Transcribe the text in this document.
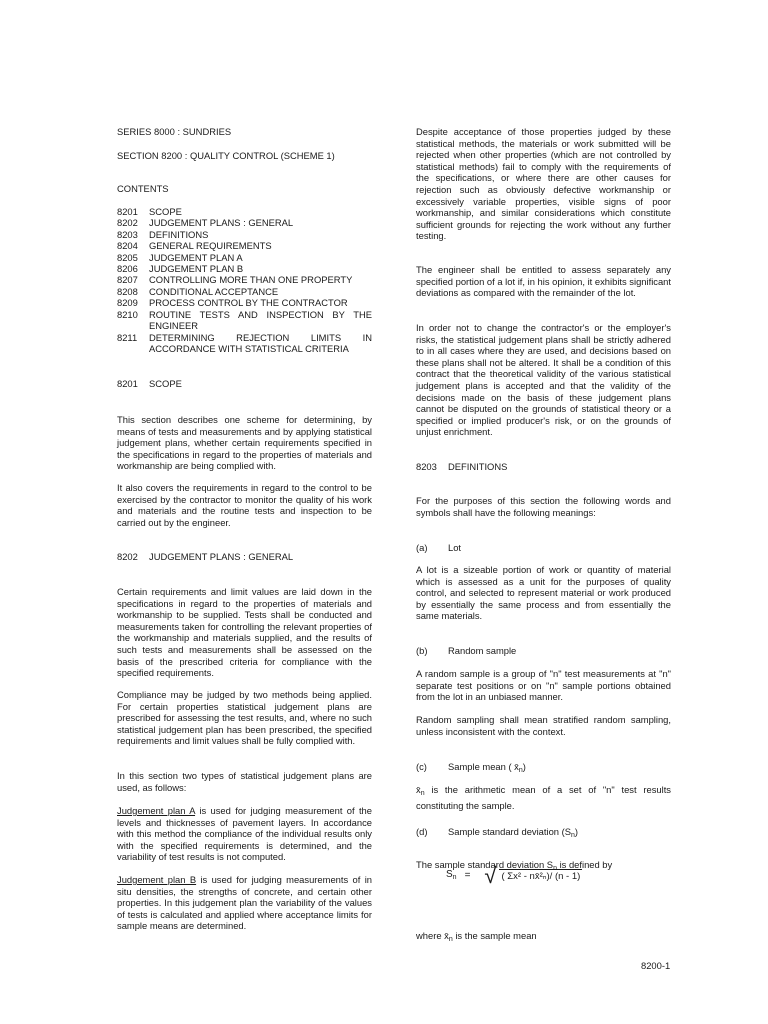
SERIES 8000 : SUNDRIES
SECTION 8200 : QUALITY CONTROL (SCHEME 1)
CONTENTS
8201	SCOPE
8202	JUDGEMENT PLANS : GENERAL
8203	DEFINITIONS
8204	GENERAL REQUIREMENTS
8205	JUDGEMENT PLAN A
8206	JUDGEMENT PLAN B
8207	CONTROLLING MORE THAN ONE PROPERTY
8208	CONDITIONAL ACCEPTANCE
8209	PROCESS CONTROL BY THE CONTRACTOR
8210	ROUTINE TESTS AND INSPECTION BY THE ENGINEER
8211	DETERMINING REJECTION LIMITS IN ACCORDANCE WITH STATISTICAL CRITERIA
8201	SCOPE

This section describes one scheme for determining, by means of tests and measurements and by applying statistical judgement plans, whether certain requirements specified in the specifications in regard to the properties of materials and workmanship are being complied with.

It also covers the requirements in regard to the control to be exercised by the contractor to monitor the quality of his work and materials and the routine tests and inspection to be carried out by the engineer.

8202	JUDGEMENT PLANS : GENERAL

Certain requirements and limit values are laid down in the specifications in regard to the properties of materials and workmanship to be supplied. Tests shall be conducted and measurements taken for controlling the relevant properties of the workmanship and materials supplied, and the results of such tests and measurements shall be assessed on the basis of the prescribed criteria for compliance with the specified requirements.

Compliance may be judged by two methods being applied. For certain properties statistical judgement plans are prescribed for assessing the test results, and, where no such statistical judgement plan has been prescribed, the specified requirements and limit values shall be fully complied with.

In this section two types of statistical judgement plans are used, as follows:

Judgement plan A is used for judging measurement of the levels and thicknesses of pavement layers. In accordance with this method the compliance of the individual results only with the specified requirements is determined, and the variability of test results is not computed.

Judgement plan B is used for judging measurements of in situ densities, the strengths of concrete, and certain other properties. In this judgement plan the variability of the values of tests is calculated and applied where acceptance limits for sample means are determined.

Despite acceptance of those properties judged by these statistical methods, the materials or work submitted will be rejected when other properties (which are not controlled by statistical methods) fail to comply with the requirements of the specifications, or where there are other causes for rejection such as obviously defective workmanship or excessively variable properties, visible signs of poor workmanship, and similar considerations which constitute sufficient grounds for rejecting the work without any further testing.

The engineer shall be entitled to assess separately any specified portion of a lot if, in his opinion, it exhibits significant deviations as compared with the remainder of the lot.

In order not to change the contractor's or the employer's risks, the statistical judgement plans shall be strictly adhered to in all cases where they are used, and decisions based on these plans shall not be altered. It shall be a condition of this contract that the theoretical validity of the various statistical judgement plans is accepted and that the validity of the decisions made on the basis of these judgement plans cannot be disputed on the grounds of statistical theory or a specified or implied producer's risk, or on the grounds of unjust enrichment.

8203	DEFINITIONS

For the purposes of this section the following words and symbols shall have the following meanings:

(a)	Lot

A lot is a sizeable portion of work or quantity of material which is assessed as a unit for the purposes of quality control, and selected to represent material or work produced by essentially the same process and from essentially the same materials.

(b)	Random sample

A random sample is a group of "n" test measurements at "n" separate test positions or on "n" sample portions obtained from the lot in an unbiased manner.

Random sampling shall mean stratified random sampling, unless inconsistent with the context.

(c)	Sample mean ( $x̄_n$)

$x̄_n$ is the arithmetic mean of a set of "n" test results constituting the sample.

(d)	Sample standard deviation $(S_n)$

The sample standard deviation $S_n$ is defined by

$S_n$ = √ ( Σx² - nx̄²ₙ)/ (n - 1)

where $x̄_n$ is the sample mean

8200-1
